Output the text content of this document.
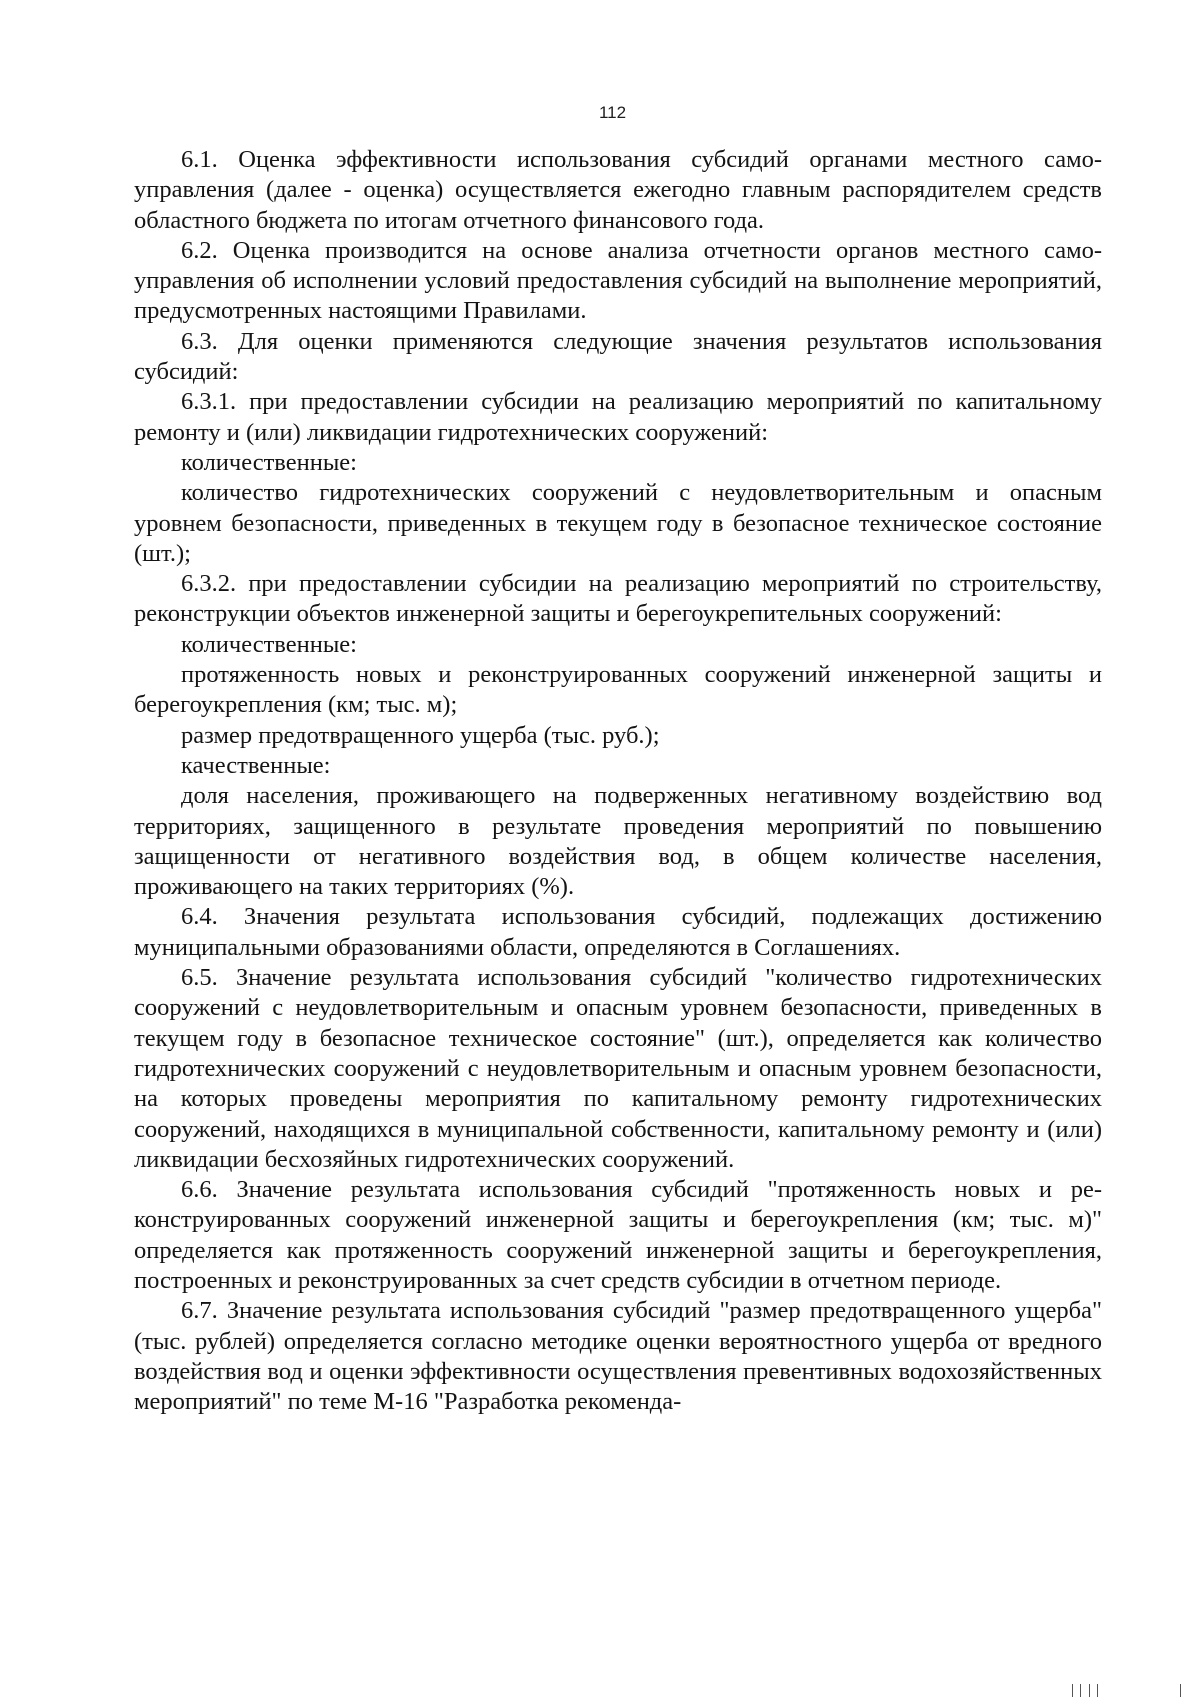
112

6.1. Оценка эффективности использования субсидий органами местного самоуправления (далее - оценка) осуществляется ежегодно главным распорядителем средств областного бюджета по итогам отчетного финансового года.

6.2. Оценка производится на основе анализа отчетности органов местного самоуправления об исполнении условий предоставления субсидий на выполнение мероприятий, предусмотренных настоящими Правилами.

6.3. Для оценки применяются следующие значения результатов использования субсидий:

6.3.1. при предоставлении субсидии на реализацию мероприятий по капитальному ремонту и (или) ликвидации гидротехнических сооружений:

количественные:

количество гидротехнических сооружений с неудовлетворительным и опасным уровнем безопасности, приведенных в текущем году в безопасное техническое состояние (шт.);

6.3.2. при предоставлении субсидии на реализацию мероприятий по строительству, реконструкции объектов инженерной защиты и берегоукрепительных сооружений:

количественные:

протяженность новых и реконструированных сооружений инженерной защиты и берегоукрепления (км; тыс. м);

размер предотвращенного ущерба (тыс. руб.);

качественные:

доля населения, проживающего на подверженных негативному воздействию вод территориях, защищенного в результате проведения мероприятий по повышению защищенности от негативного воздействия вод, в общем количестве населения, проживающего на таких территориях (%).

6.4. Значения результата использования субсидий, подлежащих достижению муниципальными образованиями области, определяются в Соглашениях.

6.5. Значение результата использования субсидий "количество гидротехнических сооружений с неудовлетворительным и опасным уровнем безопасности, приведенных в текущем году в безопасное техническое состояние" (шт.), определяется как количество гидротехнических сооружений с неудовлетворительным и опасным уровнем безопасности, на которых проведены мероприятия по капитальному ремонту гидротехнических сооружений, находящихся в муниципальной собственности, капитальному ремонту и (или) ликвидации бесхозяйных гидротехнических сооружений.

6.6. Значение результата использования субсидий "протяженность новых и реконструированных сооружений инженерной защиты и берегоукрепления (км; тыс. м)" определяется как протяженность сооружений инженерной защиты и берегоукрепления, построенных и реконструированных за счет средств субсидии в отчетном периоде.

6.7. Значение результата использования субсидий "размер предотвращенного ущерба" (тыс. рублей) определяется согласно методике оценки вероятностного ущерба от вредного воздействия вод и оценки эффективности осуществления превентивных водохозяйственных мероприятий" по теме М-16 "Разработка рекоменда-
